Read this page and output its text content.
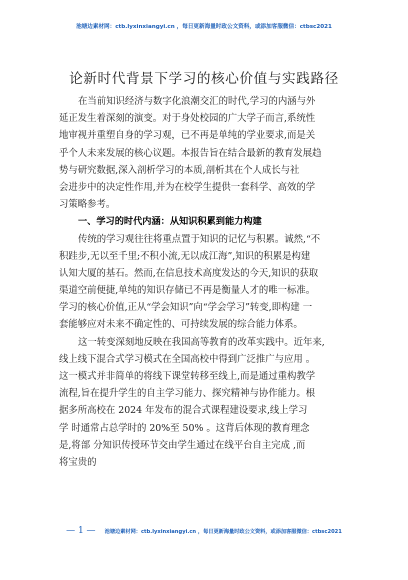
池塘边素材网：ctb.lyxinxiangyi.cn ，每日更新海量时政公文资料，或添加客服微信：ctbsc2021
论新时代背景下学习的核心价值与实践路径
在当前知识经济与数字化浪潮交汇的时代,学习的内涵与外
延正发生着深刻的演变。对于身处校园的广大学子而言,系统性
地审视并重塑自身的学习观，已不再是单纯的学业要求,而是关
乎个人未来发展的核心议题。本报告旨在结合最新的教育发展趋
势与研究数据,深入剖析学习的本质,剖析其在个人成长与社
会进步中的决定性作用,并为在校学生提供一套科学、高效的学
习策略参考。
一、学习的时代内涵：从知识积累到能力构建
传统的学习观往往将重点置于知识的记忆与积累。诚然,“不
积跬步,无以至千里;不积小流,无以成江海”,知识的积累是构建
认知大厦的基石。然而,在信息技术高度发达的今天,知识的获取
渠道空前便捷,单纯的知识存储已不再是衡量人才的唯一标准。
学习的核心价值,正从“学会知识”向“学会学习”转变,即构建 一
套能够应对未来不确定性的、可持续发展的综合能力体系。
这一转变深刻地反映在我国高等教育的改革实践中。近年来,
线上线下混合式学习模式在全国高校中得到广泛推广与应用 。
这一模式并非简单的将线下课堂转移至线上,而是通过重构教学
流程,旨在提升学生的自主学习能力、探究精神与协作能力。根
据多所高校在 2024 年发布的混合式课程建设要求,线上学习
学 时通常占总学时的 20%至 50% 。这背后体现的教育理念
是,将部 分知识传授环节交由学生通过在线平台自主完成 ,而
将宝贵的
— 1 — 池塘边素材网：ctb.lyxinxiangyi.cn ，每日更新海量时政公文资料，或添加客服微信：ctbsc2021
